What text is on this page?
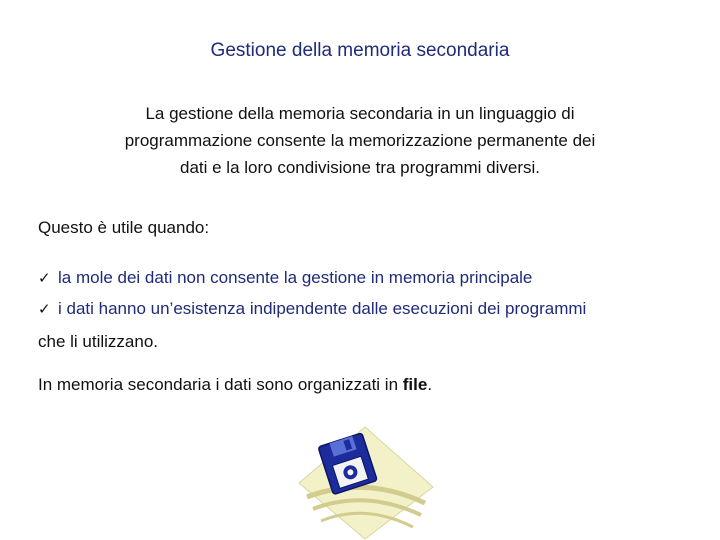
Gestione della memoria secondaria
La gestione della memoria secondaria in un linguaggio di
programmazione consente la memorizzazione permanente dei
dati e la loro condivisione tra programmi diversi.
Questo è utile quando:
✓ la mole dei dati non consente la gestione in memoria principale
✓ i dati hanno un’esistenza indipendente dalle esecuzioni dei programmi
che li utilizzano.
In memoria secondaria i dati sono organizzati in file.
